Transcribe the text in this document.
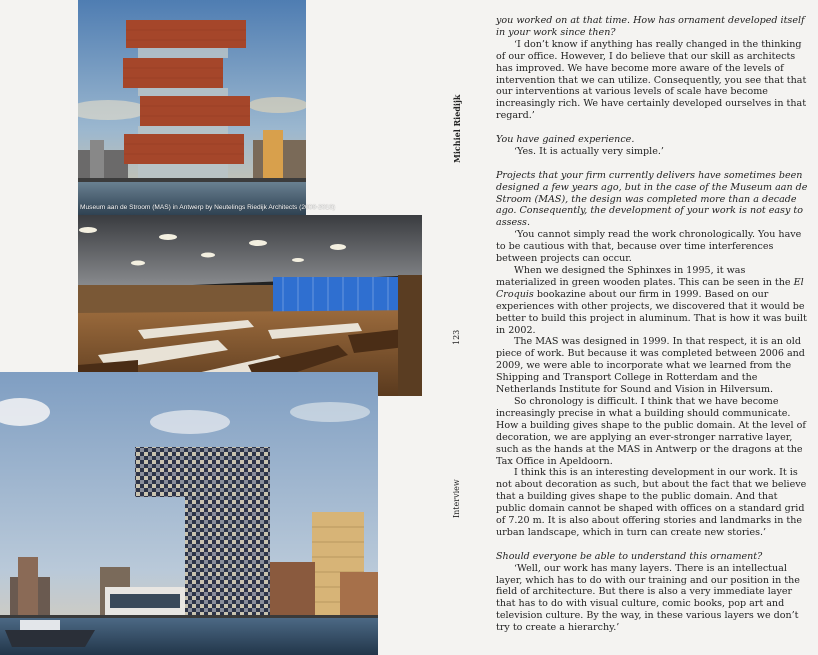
Museum aan de Stroom (MAS) in Antwerp by Neutelings Riedijk Architects (2000-2010)
Michiel Riedijk
123
Interview

you worked on at that time. How has ornament developed itself in your work since then?

‘I don’t know if anything has really changed in the thinking of our office. However, I do believe that our skill as architects has improved. We have become more aware of the levels of intervention that we can utilize. Consequently, you see that that our interventions at various levels of scale have become increasingly rich. We have certainly developed ourselves in that regard.’

You have gained experience.

‘Yes. It is actually very simple.’

Projects that your firm currently delivers have sometimes been designed a few years ago, but in the case of the Museum aan de Stroom (MAS), the design was completed more than a decade ago. Consequently, the development of your work is not easy to assess.

‘You cannot simply read the work chronologically. You have to be cautious with that, because over time interferences between projects can occur.

When we designed the Sphinxes in 1995, it was materialized in green wooden plates. This can be seen in the El Croquis bookazine about our firm in 1999. Based on our experiences with other projects, we discovered that it would be better to build this project in aluminum. That is how it was built in 2002.

The MAS was designed in 1999. In that respect, it is an old piece of work. But because it was completed between 2006 and 2009, we were able to incorporate what we learned from the Shipping and Transport College in Rotterdam and the Netherlands Institute for Sound and Vision in Hilversum.

So chronology is difficult. I think that we have become increasingly precise in what a building should communicate. How a building gives shape to the public domain. At the level of decoration, we are applying an ever-stronger narrative layer, such as the hands at the MAS in Antwerp or the dragons at the Tax Office in Apeldoorn.

I think this is an interesting development in our work. It is not about decoration as such, but about the fact that we believe that a building gives shape to the public domain. And that public domain cannot be shaped with offices on a standard grid of 7.20 m. It is also about offering stories and landmarks in the urban landscape, which in turn can create new stories.’

Should everyone be able to understand this ornament?

‘Well, our work has many layers. There is an intellectual layer, which has to do with our training and our position in the field of architecture. But there is also a very immediate layer that has to do with visual culture, comic books, pop art and television culture. By the way, in these various layers we don’t try to create a hierarchy.’
